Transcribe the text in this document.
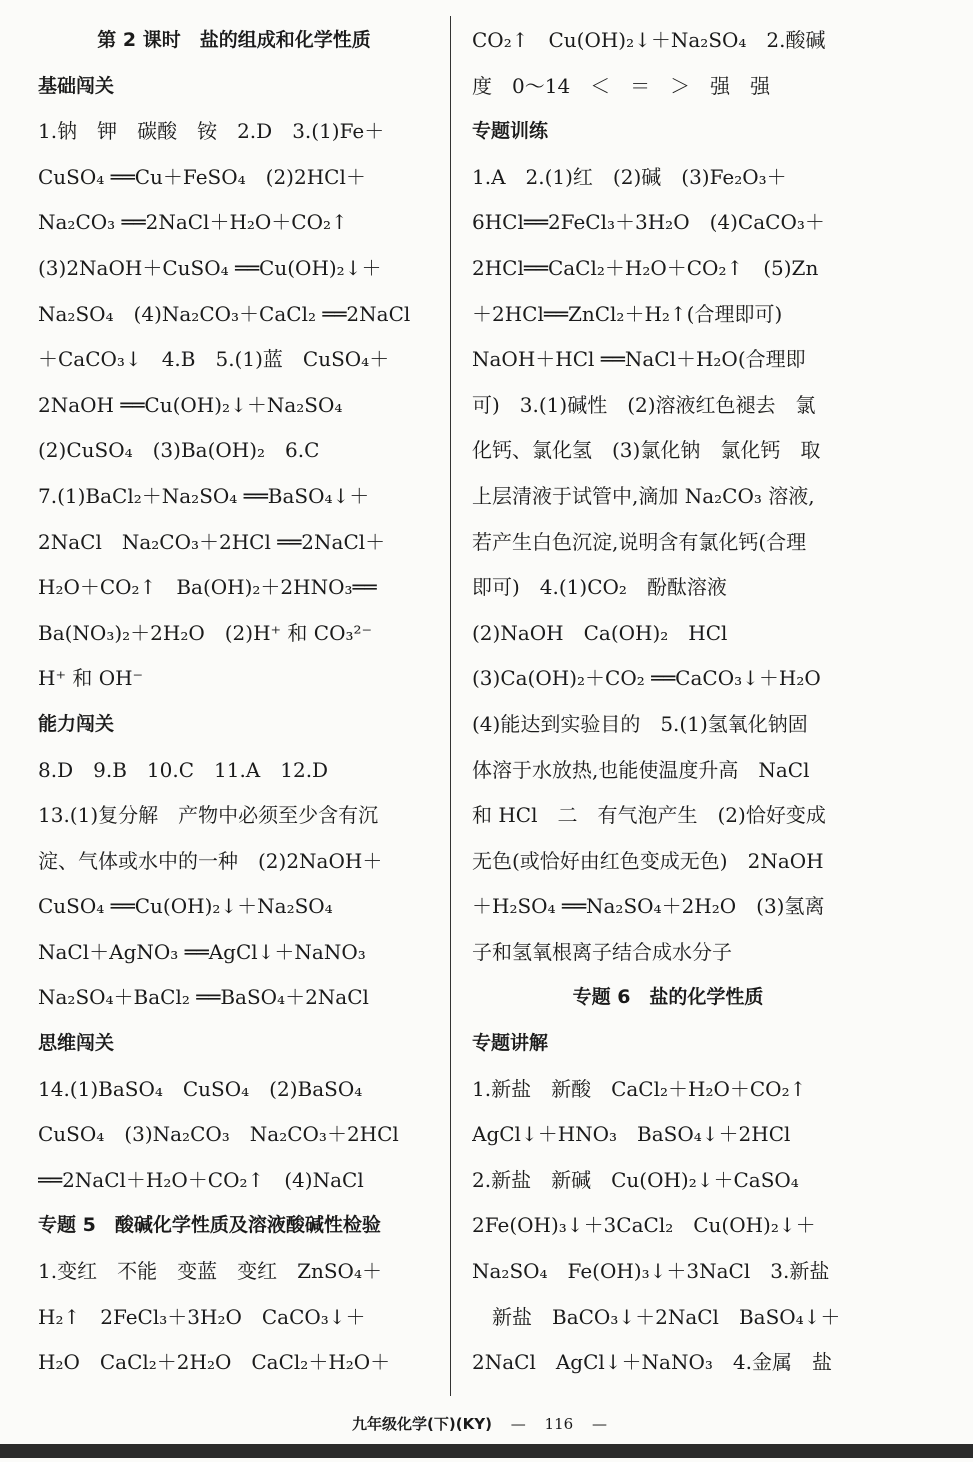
第 2 课时　盐的组成和化学性质
基础闯关
1.钠　钾　碳酸　铵　2.D　3.(1)Fe＋
CuSO₄ ══Cu＋FeSO₄　(2)2HCl＋
Na₂CO₃ ══2NaCl＋H₂O＋CO₂↑
(3)2NaOH＋CuSO₄ ══Cu(OH)₂↓＋
Na₂SO₄　(4)Na₂CO₃＋CaCl₂ ══2NaCl
＋CaCO₃↓　4.B　5.(1)蓝　CuSO₄＋
2NaOH ══Cu(OH)₂↓＋Na₂SO₄
(2)CuSO₄　(3)Ba(OH)₂　6.C
7.(1)BaCl₂＋Na₂SO₄ ══BaSO₄↓＋
2NaCl　Na₂CO₃＋2HCl ══2NaCl＋
H₂O＋CO₂↑　Ba(OH)₂＋2HNO₃══
Ba(NO₃)₂＋2H₂O　(2)H⁺ 和 CO₃²⁻
H⁺ 和 OH⁻
能力闯关
8.D　9.B　10.C　11.A　12.D
13.(1)复分解　产物中必须至少含有沉
淀、气体或水中的一种　(2)2NaOH＋
CuSO₄ ══Cu(OH)₂↓＋Na₂SO₄
NaCl＋AgNO₃ ══AgCl↓＋NaNO₃
Na₂SO₄＋BaCl₂ ══BaSO₄＋2NaCl
思维闯关
14.(1)BaSO₄　CuSO₄　(2)BaSO₄
CuSO₄　(3)Na₂CO₃　Na₂CO₃＋2HCl
══2NaCl＋H₂O＋CO₂↑　(4)NaCl
专题 5　酸碱化学性质及溶液酸碱性检验
1.变红　不能　变蓝　变红　ZnSO₄＋
H₂↑　2FeCl₃＋3H₂O　CaCO₃↓＋
H₂O　CaCl₂＋2H₂O　CaCl₂＋H₂O＋
CO₂↑　Cu(OH)₂↓＋Na₂SO₄　2.酸碱
度　0～14　＜　＝　＞　强　强
专题训练
1.A　2.(1)红　(2)碱　(3)Fe₂O₃＋
6HCl══2FeCl₃＋3H₂O　(4)CaCO₃＋
2HCl══CaCl₂＋H₂O＋CO₂↑　(5)Zn
＋2HCl══ZnCl₂＋H₂↑(合理即可)
NaOH＋HCl ══NaCl＋H₂O(合理即
可)　3.(1)碱性　(2)溶液红色褪去　氯
化钙、氯化氢　(3)氯化钠　氯化钙　取
上层清液于试管中,滴加 Na₂CO₃ 溶液,
若产生白色沉淀,说明含有氯化钙(合理
即可)　4.(1)CO₂　酚酞溶液
(2)NaOH　Ca(OH)₂　HCl
(3)Ca(OH)₂＋CO₂ ══CaCO₃↓＋H₂O
(4)能达到实验目的　5.(1)氢氧化钠固
体溶于水放热,也能使温度升高　NaCl
和 HCl　二　有气泡产生　(2)恰好变成
无色(或恰好由红色变成无色)　2NaOH
＋H₂SO₄ ══Na₂SO₄＋2H₂O　(3)氢离
子和氢氧根离子结合成水分子
专题 6　盐的化学性质
专题讲解
1.新盐　新酸　CaCl₂＋H₂O＋CO₂↑
AgCl↓＋HNO₃　BaSO₄↓＋2HCl
2.新盐　新碱　Cu(OH)₂↓＋CaSO₄
2Fe(OH)₃↓＋3CaCl₂　Cu(OH)₂↓＋
Na₂SO₄　Fe(OH)₃↓＋3NaCl　3.新盐
　新盐　BaCO₃↓＋2NaCl　BaSO₄↓＋
2NaCl　AgCl↓＋NaNO₃　4.金属　盐
九年级化学(下)(KY) — 116 —
